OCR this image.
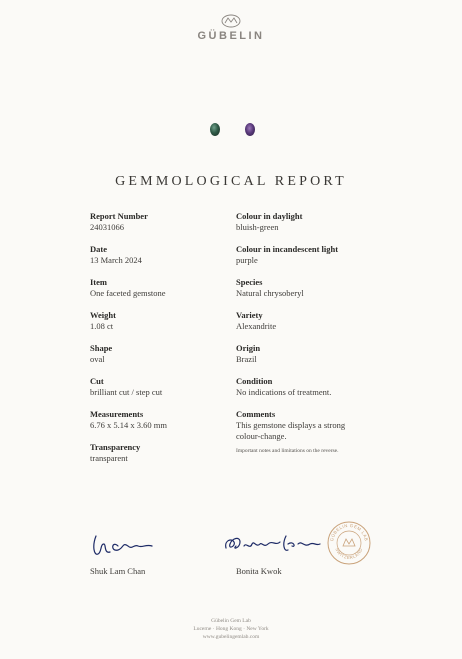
GÜBELIN
GEMMOLOGICAL REPORT
Report Number
24031066
Date
13 March 2024
Item
One faceted gemstone
Weight
1.08 ct
Shape
oval
Cut
brilliant cut / step cut
Measurements
6.76 x 5.14 x 3.60 mm
Transparency
transparent
Colour in daylight
bluish-green
Colour in incandescent light
purple
Species
Natural chrysoberyl
Variety
Alexandrite
Origin
Brazil
Condition
No indications of treatment.
Comments
This gemstone displays a strong
colour-change.
Important notes and limitations on the reverse.
Shuk Lam Chan	Bonita Kwok
GÜBELIN GEM LAB
SWITZERLAND
Gübelin Gem Lab
Lucerne · Hong Kong · New York
www.gubelingemlab.com
